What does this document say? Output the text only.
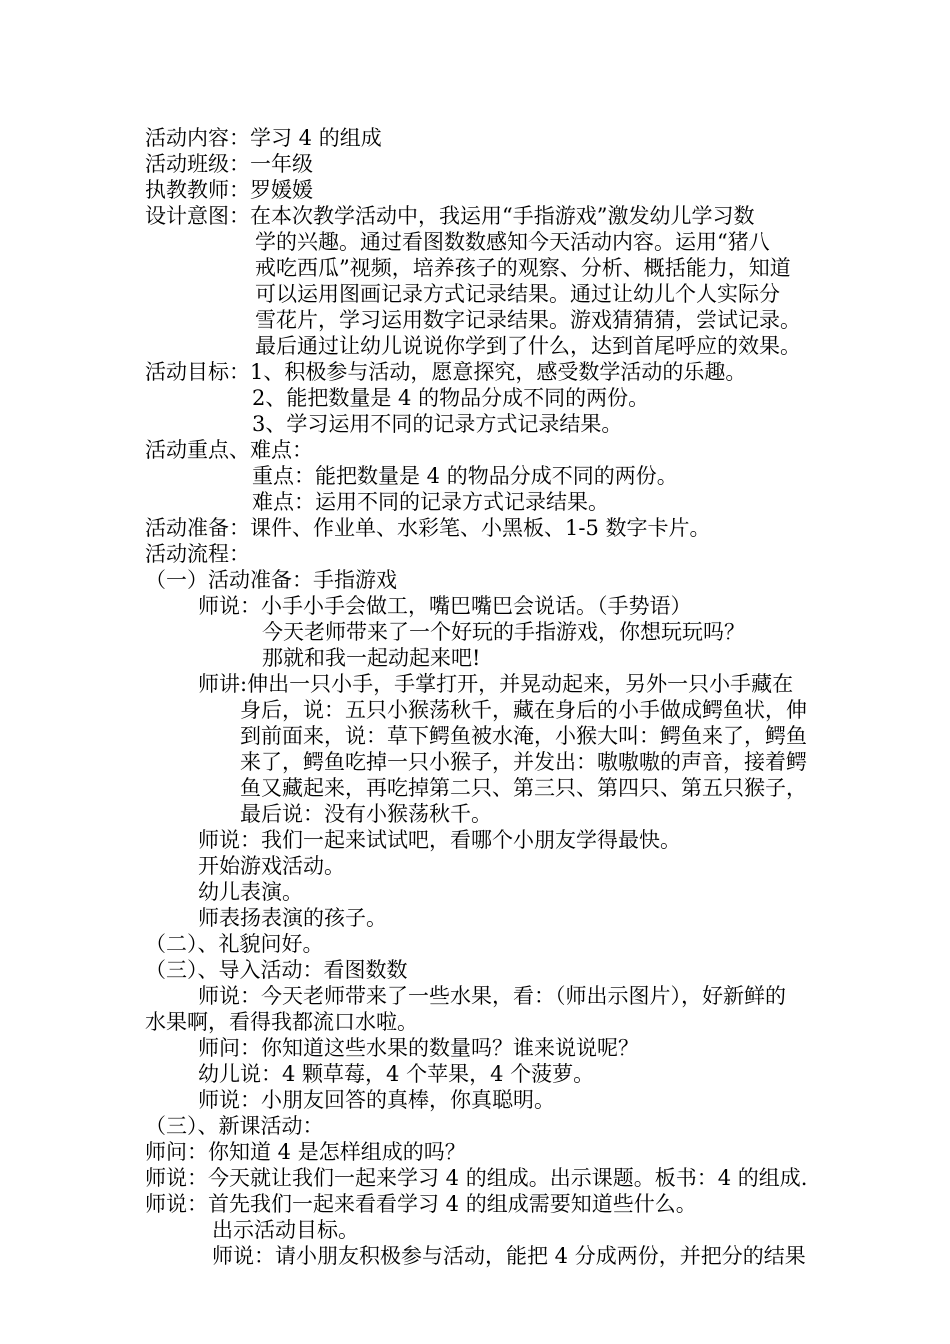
活动内容：学习 4 的组成
活动班级：一年级
执教教师：罗媛媛
设计意图：在本次教学活动中，我运用“手指游戏”激发幼儿学习数
学的兴趣。通过看图数数感知今天活动内容。运用“猪八
戒吃西瓜”视频，培养孩子的观察、分析、概括能力，知道
可以运用图画记录方式记录结果。通过让幼儿个人实际分
雪花片，学习运用数字记录结果。游戏猜猜猜，尝试记录。
最后通过让幼儿说说你学到了什么，达到首尾呼应的效果。
活动目标：1、积极参与活动，愿意探究，感受数学活动的乐趣。
2、能把数量是 4 的物品分成不同的两份。
3、学习运用不同的记录方式记录结果。
活动重点、难点：
重点：能把数量是 4 的物品分成不同的两份。
难点：运用不同的记录方式记录结果。
活动准备：课件、作业单、水彩笔、小黑板、1-5 数字卡片。
活动流程：
（一）活动准备：手指游戏
师说：小手小手会做工，嘴巴嘴巴会说话。（手势语）
今天老师带来了一个好玩的手指游戏，你想玩玩吗？
那就和我一起动起来吧!
师讲:伸出一只小手，手掌打开，并晃动起来，另外一只小手藏在
身后，说：五只小猴荡秋千，藏在身后的小手做成鳄鱼状，伸
到前面来，说：草下鳄鱼被水淹，小猴大叫：鳄鱼来了，鳄鱼
来了，鳄鱼吃掉一只小猴子，并发出：嗷嗷嗷的声音，接着鳄
鱼又藏起来，再吃掉第二只、第三只、第四只、第五只猴子，
最后说：没有小猴荡秋千。
师说：我们一起来试试吧，看哪个小朋友学得最快。
开始游戏活动。
幼儿表演。
师表扬表演的孩子。
（二）、礼貌问好。
（三）、导入活动：看图数数
师说：今天老师带来了一些水果，看：（师出示图片），好新鲜的
水果啊，看得我都流口水啦。
师问：你知道这些水果的数量吗？谁来说说呢？
幼儿说：4 颗草莓，4 个苹果，4 个菠萝。
师说：小朋友回答的真棒，你真聪明。
（三）、新课活动：
师问：你知道 4 是怎样组成的吗？
师说：今天就让我们一起来学习 4 的组成。出示课题。板书：4 的组成.
师说：首先我们一起来看看学习 4 的组成需要知道些什么。
出示活动目标。
师说：请小朋友积极参与活动，能把 4 分成两份，并把分的结果
